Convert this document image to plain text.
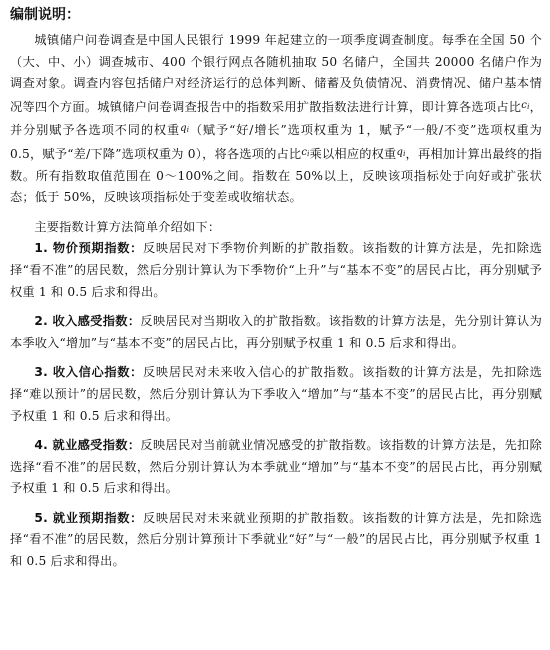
编制说明：

城镇储户问卷调查是中国人民银行 1999 年起建立的一项季度调查制度。每季在全国 50 个（大、中、小）调查城市、400 个银行网点各随机抽取 50 名储户，全国共 20000 名储户作为调查对象。调查内容包括储户对经济运行的总体判断、储蓄及负债情况、消费情况、储户基本情况等四个方面。城镇储户问卷调查报告中的指数采用扩散指数法进行计算，即计算各选项占比$^{ci}$，并分别赋予各选项不同的权重$^{qi}$（赋予“好/增长”选项权重为 1，赋予“一般/不变”选项权重为 0.5，赋予“差/下降”选项权重为 0），将各选项的占比$^{ci}$乘以相应的权重$^{qi}$，再相加计算出最终的指数。所有指数取值范围在 0～100%之间。指数在 50%以上，反映该项指标处于向好或扩张状态；低于 50%，反映该项指标处于变差或收缩状态。

主要指数计算方法简单介绍如下：

1. 物价预期指数：反映居民对下季物价判断的扩散指数。该指数的计算方法是，先扣除选择“看不准”的居民数，然后分别计算认为下季物价“上升”与“基本不变”的居民占比，再分别赋予权重 1 和 0.5 后求和得出。

2. 收入感受指数：反映居民对当期收入的扩散指数。该指数的计算方法是，先分别计算认为本季收入“增加”与“基本不变”的居民占比，再分别赋予权重 1 和 0.5 后求和得出。

3. 收入信心指数：反映居民对未来收入信心的扩散指数。该指数的计算方法是，先扣除选择“难以预计”的居民数，然后分别计算认为下季收入“增加”与“基本不变”的居民占比，再分别赋予权重 1 和 0.5 后求和得出。

4. 就业感受指数：反映居民对当前就业情况感受的扩散指数。该指数的计算方法是，先扣除选择“看不准”的居民数，然后分别计算认为本季就业“增加”与“基本不变”的居民占比，再分别赋予权重 1 和 0.5 后求和得出。

5. 就业预期指数：反映居民对未来就业预期的扩散指数。该指数的计算方法是，先扣除选择“看不准”的居民数，然后分别计算预计下季就业“好”与“一般”的居民占比，再分别赋予权重 1 和 0.5 后求和得出。
